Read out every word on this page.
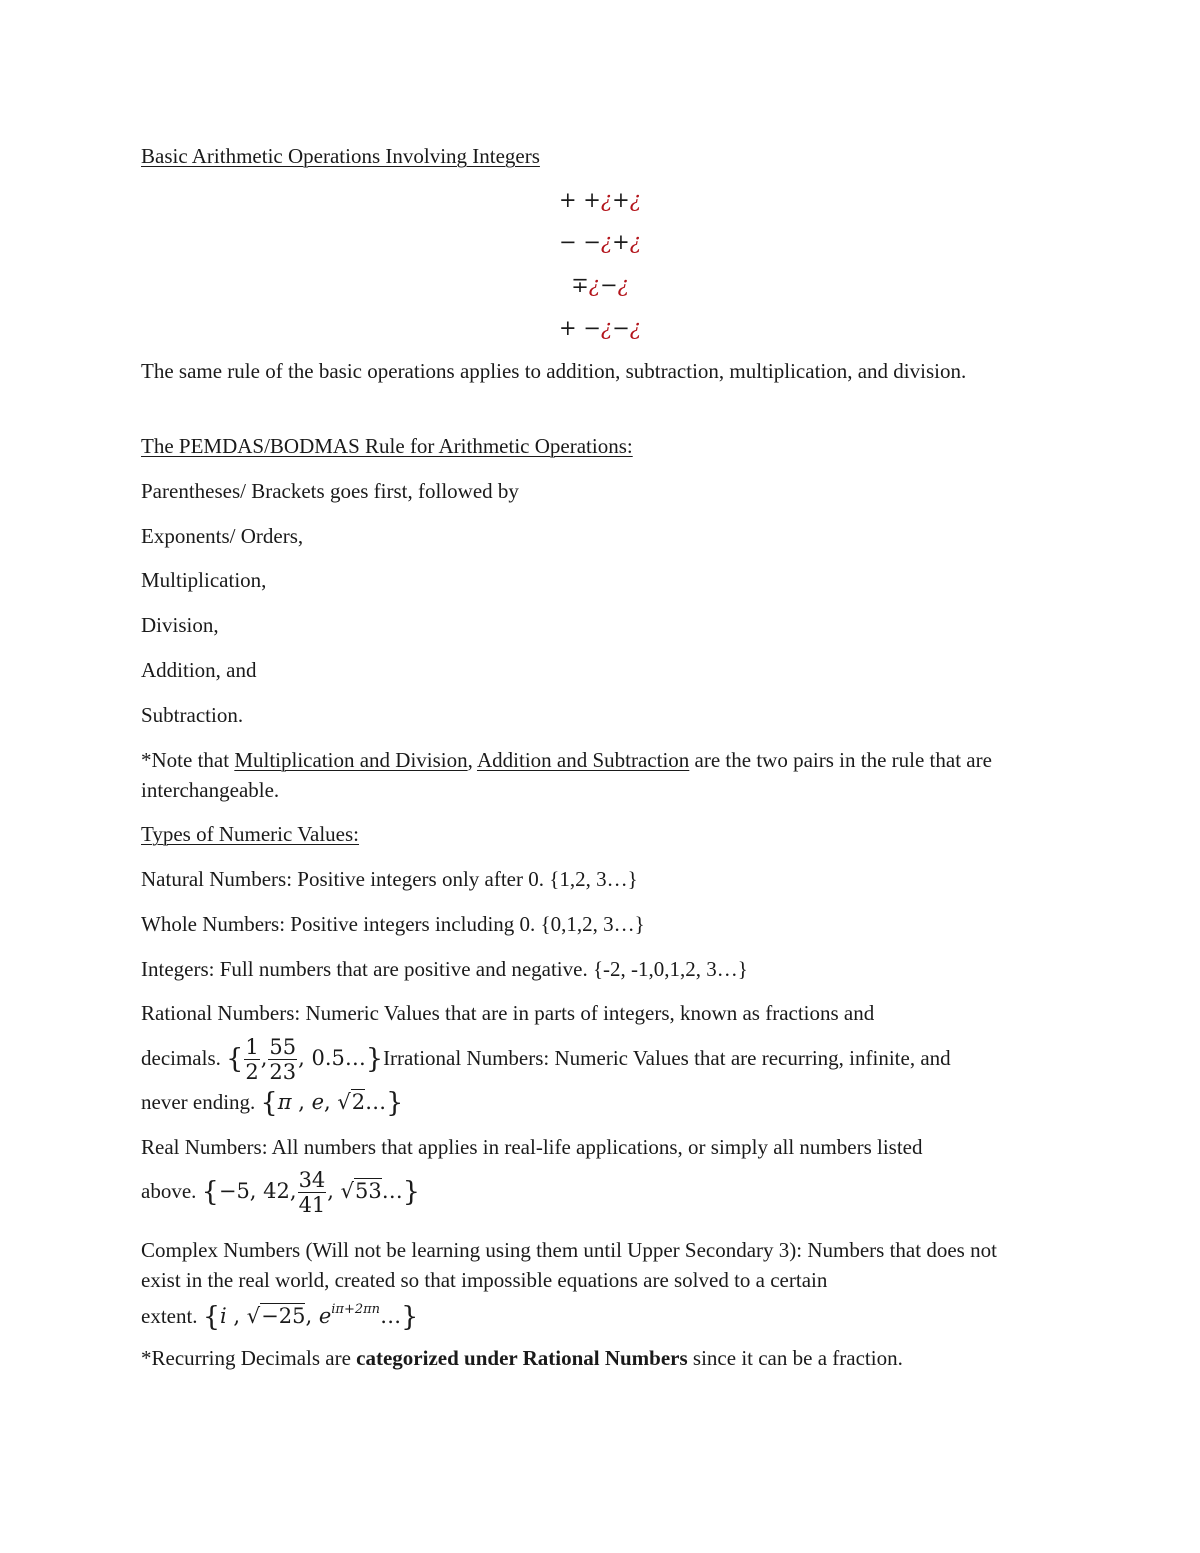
Basic Arithmetic Operations Involving Integers
+ +¿+¿
− −¿+¿
∓¿−¿
+ −¿−¿
The same rule of the basic operations applies to addition, subtraction, multiplication, and division.
The PEMDAS/BODMAS Rule for Arithmetic Operations:
Parentheses/ Brackets goes first, followed by
Exponents/ Orders,
Multiplication,
Division,
Addition, and
Subtraction.
*Note that Multiplication and Division, Addition and Subtraction are the two pairs in the rule that are interchangeable.
Types of Numeric Values:
Natural Numbers: Positive integers only after 0. {1,2, 3…}
Whole Numbers: Positive integers including 0. {0,1,2, 3…}
Integers: Full numbers that are positive and negative. {-2, -1,0,1,2, 3…}
Rational Numbers: Numeric Values that are in parts of integers, known as fractions and
decimals. { $\frac{1}{2}$ , $\frac{55}{23}$ , 0.5…}Irrational Numbers: Numeric Values that are recurring, infinite, and
never ending. {π , e, √2…}
Real Numbers: All numbers that applies in real-life applications, or simply all numbers listed
above. {−5, 42, $\frac{34}{41}$ , √53…}
Complex Numbers (Will not be learning using them until Upper Secondary 3): Numbers that does not exist in the real world, created so that impossible equations are solved to a certain
extent. {i , √−25, $e^{i\pi+2\pi n}\dots$}
*Recurring Decimals are categorized under Rational Numbers since it can be a fraction.
